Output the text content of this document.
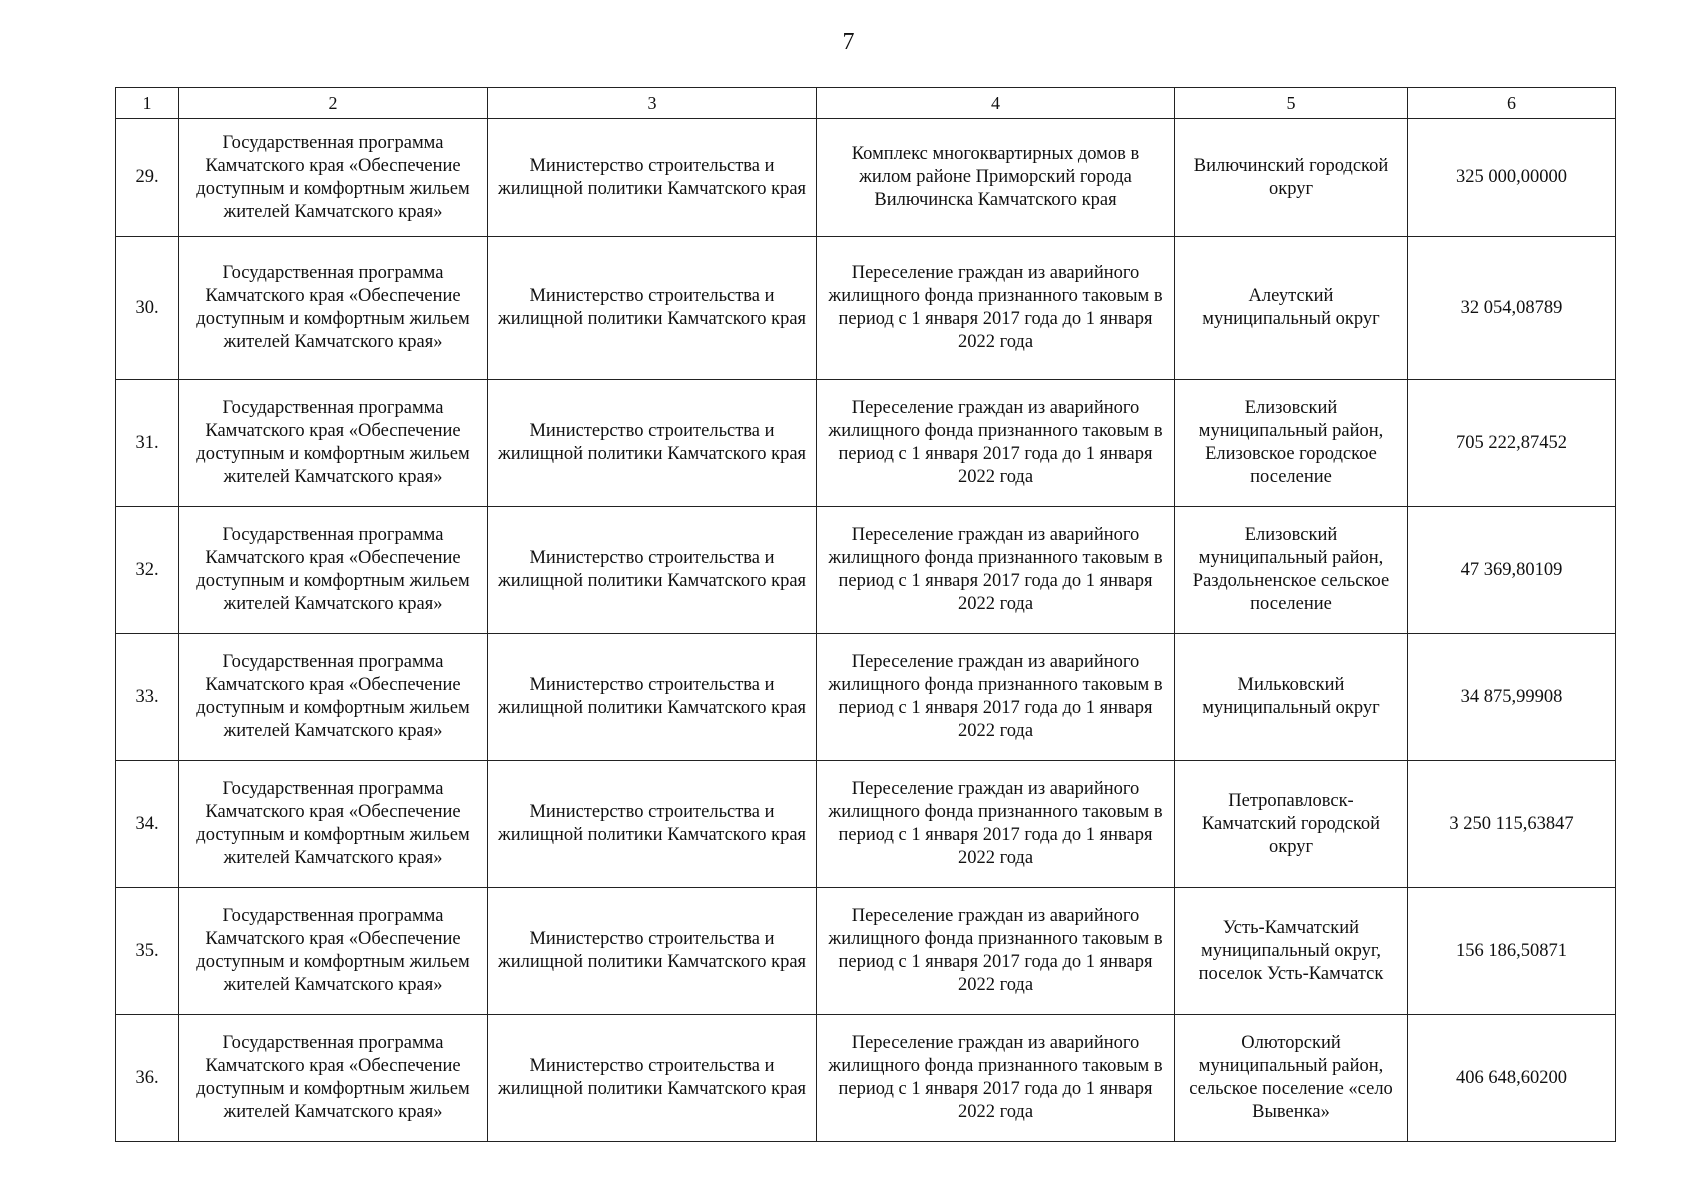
7
1	2	3	4	5	6
29.	Государственная программа Камчатского края «Обеспечение доступным и комфортным жильем жителей Камчатского края»	Министерство строительства и жилищной политики Камчатского края	Комплекс многоквартирных домов в жилом районе Приморский города Вилючинска Камчатского края	Вилючинский городской округ	325 000,00000
30.	Государственная программа Камчатского края «Обеспечение доступным и комфортным жильем жителей Камчатского края»	Министерство строительства и жилищной политики Камчатского края	Переселение граждан из аварийного жилищного фонда признанного таковым в период с 1 января 2017 года до 1 января 2022 года	Алеутский муниципальный округ	32 054,08789
31.	Государственная программа Камчатского края «Обеспечение доступным и комфортным жильем жителей Камчатского края»	Министерство строительства и жилищной политики Камчатского края	Переселение граждан из аварийного жилищного фонда признанного таковым в период с 1 января 2017 года до 1 января 2022 года	Елизовский муниципальный район, Елизовское городское поселение	705 222,87452
32.	Государственная программа Камчатского края «Обеспечение доступным и комфортным жильем жителей Камчатского края»	Министерство строительства и жилищной политики Камчатского края	Переселение граждан из аварийного жилищного фонда признанного таковым в период с 1 января 2017 года до 1 января 2022 года	Елизовский муниципальный район, Раздольненское сельское поселение	47 369,80109
33.	Государственная программа Камчатского края «Обеспечение доступным и комфортным жильем жителей Камчатского края»	Министерство строительства и жилищной политики Камчатского края	Переселение граждан из аварийного жилищного фонда признанного таковым в период с 1 января 2017 года до 1 января 2022 года	Мильковский муниципальный округ	34 875,99908
34.	Государственная программа Камчатского края «Обеспечение доступным и комфортным жильем жителей Камчатского края»	Министерство строительства и жилищной политики Камчатского края	Переселение граждан из аварийного жилищного фонда признанного таковым в период с 1 января 2017 года до 1 января 2022 года	Петропавловск-Камчатский городской округ	3 250 115,63847
35.	Государственная программа Камчатского края «Обеспечение доступным и комфортным жильем жителей Камчатского края»	Министерство строительства и жилищной политики Камчатского края	Переселение граждан из аварийного жилищного фонда признанного таковым в период с 1 января 2017 года до 1 января 2022 года	Усть-Камчатский муниципальный округ, поселок Усть-Камчатск	156 186,50871
36.	Государственная программа Камчатского края «Обеспечение доступным и комфортным жильем жителей Камчатского края»	Министерство строительства и жилищной политики Камчатского края	Переселение граждан из аварийного жилищного фонда признанного таковым в период с 1 января 2017 года до 1 января 2022 года	Олюторский муниципальный район, сельское поселение «село Вывенка»	406 648,60200
